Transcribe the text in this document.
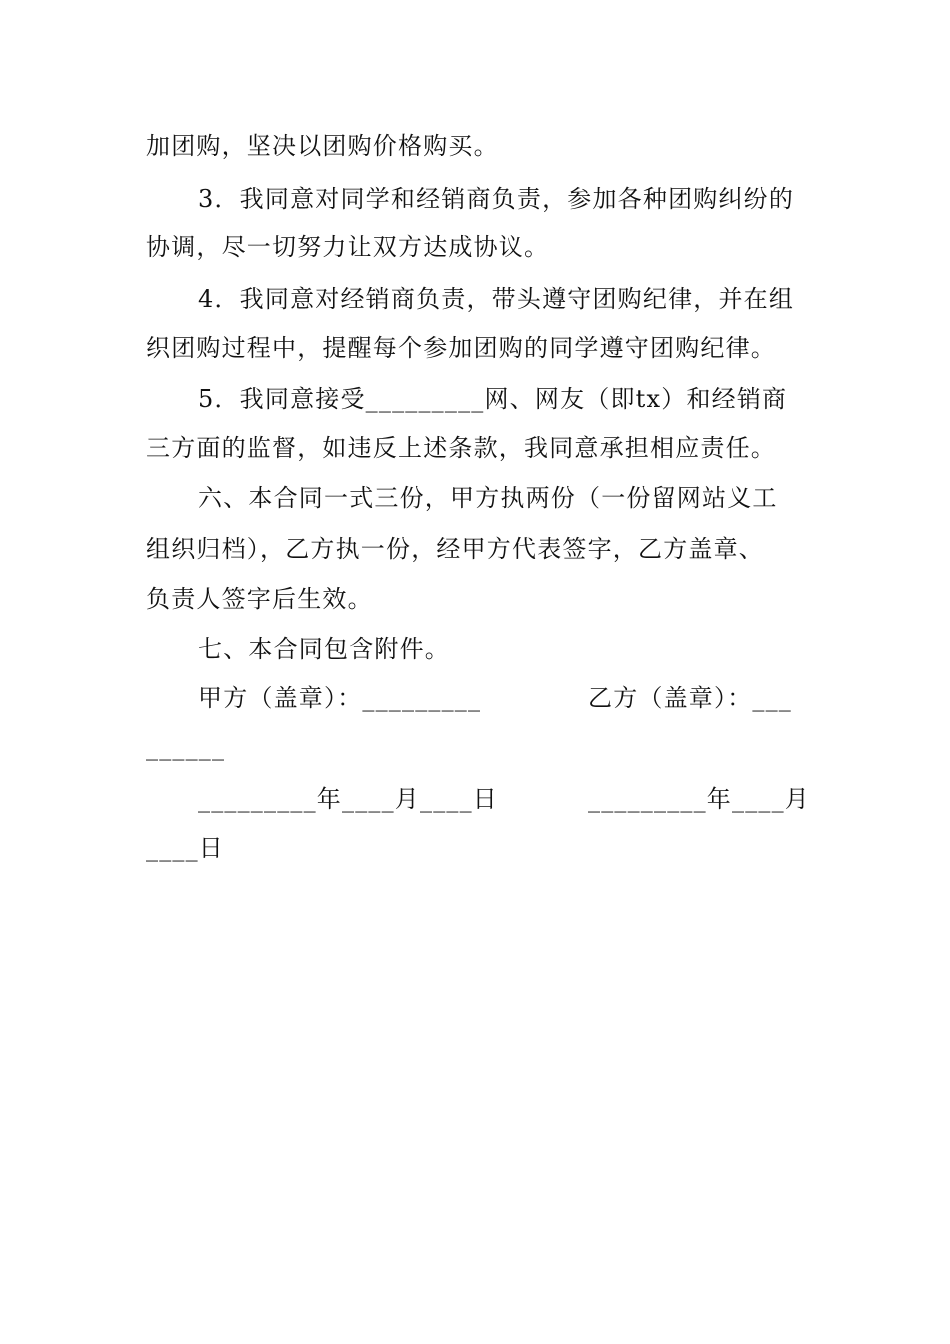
加团购，坚决以团购价格购买。
3．我同意对同学和经销商负责，参加各种团购纠纷的
协调，尽一切努力让双方达成协议。
4．我同意对经销商负责，带头遵守团购纪律，并在组
织团购过程中，提醒每个参加团购的同学遵守团购纪律。
5．我同意接受_________网、网友（即tx）和经销商
三方面的监督，如违反上述条款，我同意承担相应责任。
六、本合同一式三份，甲方执两份（一份留网站义工
组织归档），乙方执一份，经甲方代表签字，乙方盖章、
负责人签字后生效。
七、本合同包含附件。
甲方（盖章）：_________	乙方（盖章）：___
______
_________年____月____日	_________年____月
____日
